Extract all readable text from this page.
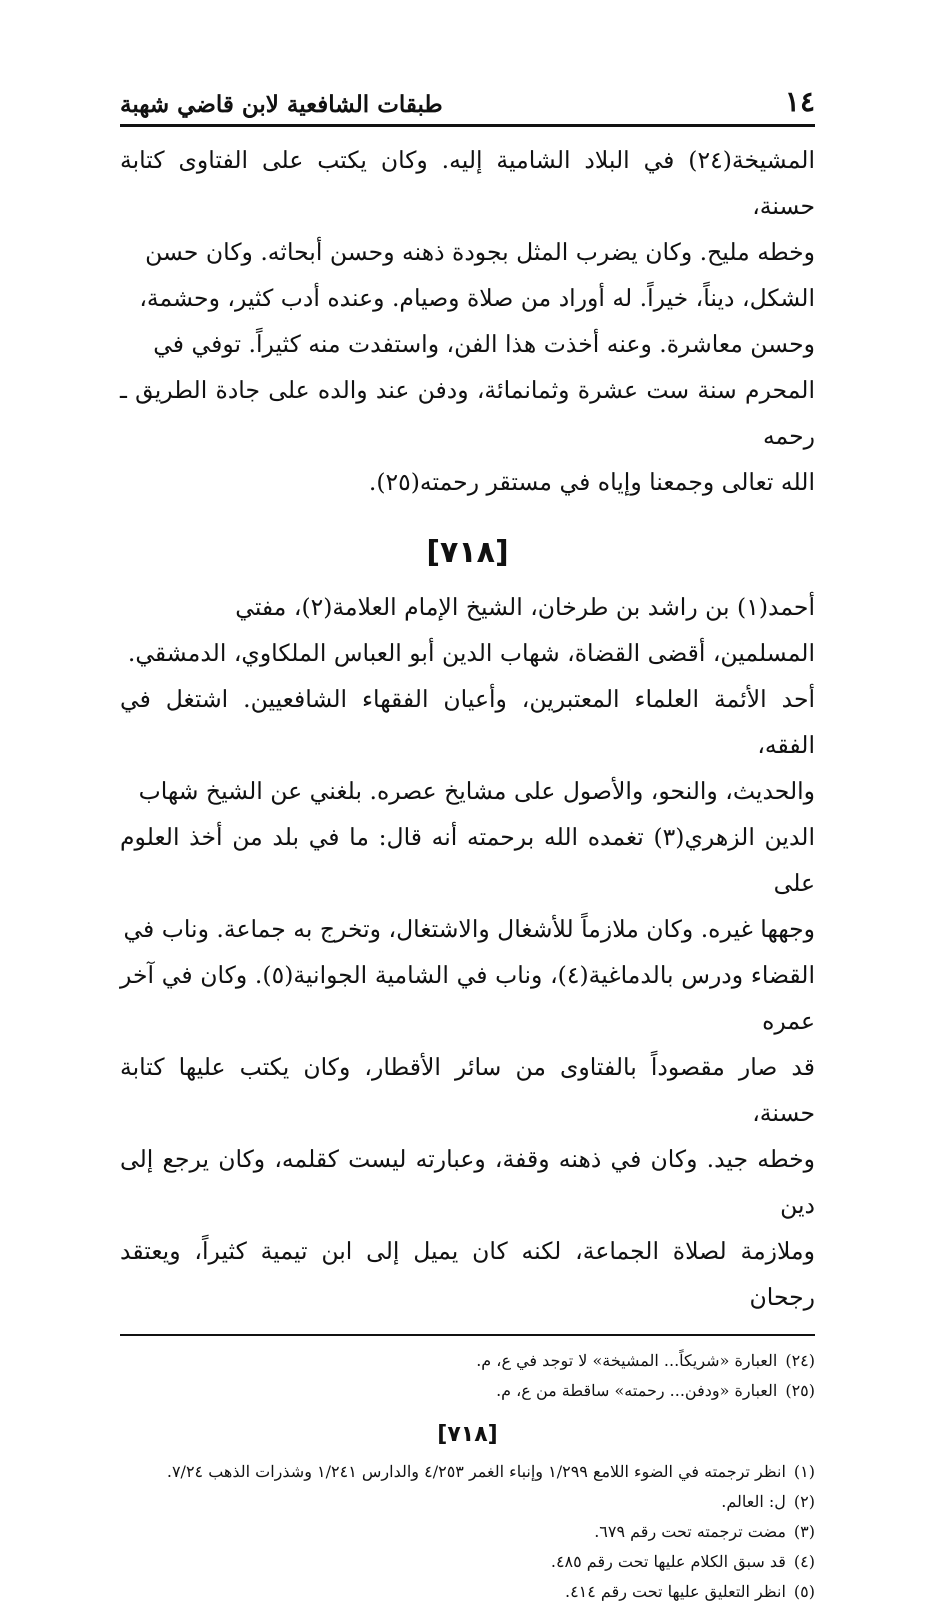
١٤
طبقات الشافعية لابن قاضي شهبة

المشيخة(٢٤) في البلاد الشامية إليه. وكان يكتب على الفتاوى كتابة حسنة،

وخطه مليح. وكان يضرب المثل بجودة ذهنه وحسن أبحاثه. وكان حسن

الشكل، ديناً، خيراً. له أوراد من صلاة وصيام. وعنده أدب كثير، وحشمة،

وحسن معاشرة. وعنه أخذت هذا الفن، واستفدت منه كثيراً. توفي في

المحرم سنة ست عشرة وثمانمائة، ودفن عند والده على جادة الطريق ـ رحمه

الله تعالى وجمعنا وإياه في مستقر رحمته(٢٥).

[٧١٨]

أحمد(١) بن راشد بن طرخان، الشيخ الإمام العلامة(٢)، مفتي

المسلمين، أقضى القضاة، شهاب الدين أبو العباس الملكاوي، الدمشقي.

أحد الأئمة العلماء المعتبرين، وأعيان الفقهاء الشافعيين. اشتغل في الفقه،

والحديث، والنحو، والأصول على مشايخ عصره. بلغني عن الشيخ شهاب

الدين الزهري(٣) تغمده الله برحمته أنه قال: ما في بلد من أخذ العلوم على

وجهها غيره. وكان ملازماً للأشغال والاشتغال، وتخرج به جماعة. وناب في

القضاء ودرس بالدماغية(٤)، وناب في الشامية الجوانية(٥). وكان في آخر عمره

قد صار مقصوداً بالفتاوى من سائر الأقطار، وكان يكتب عليها كتابة حسنة،

وخطه جيد. وكان في ذهنه وقفة، وعبارته ليست كقلمه، وكان يرجع إلى دين

وملازمة لصلاة الجماعة، لكنه كان يميل إلى ابن تيمية كثيراً، ويعتقد رجحان

(٢٤)
العبارة «شريكاً... المشيخة» لا توجد في ع، م.
(٢٥)
العبارة «ودفن... رحمته» ساقطة من ع، م.
[٧١٨]
(١)
انظر ترجمته في الضوء اللامع ١/٢٩٩ وإنباء الغمر ٤/٢٥٣ والدارس ١/٢٤١ وشذرات الذهب ٧/٢٤.
(٢)
ل: العالم.
(٣)
مضت ترجمته تحت رقم ٦٧٩.
(٤)
قد سبق الكلام عليها تحت رقم ٤٨٥.
(٥)
انظر التعليق عليها تحت رقم ٤١٤.
